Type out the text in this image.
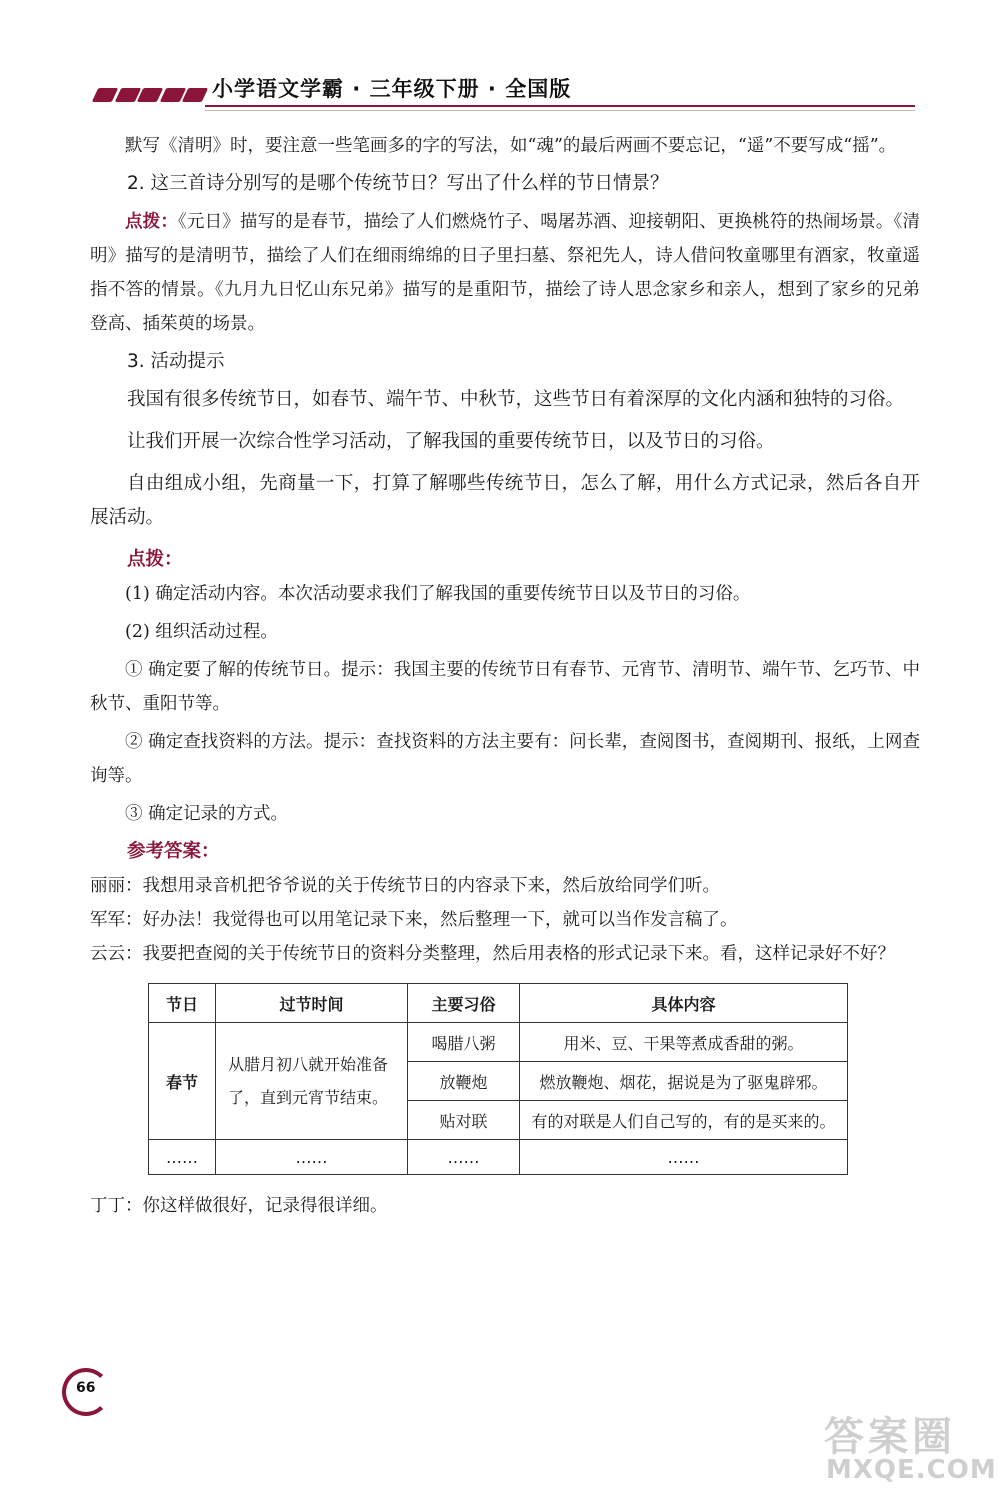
小学语文学霸 · 三年级下册 · 全国版

默写《清明》时，要注意一些笔画多的字的写法，如“魂”的最后两画不要忘记，“遥”不要写成“摇”。

2. 这三首诗分别写的是哪个传统节日？写出了什么样的节日情景？

点拨：《元日》描写的是春节，描绘了人们燃烧竹子、喝屠苏酒、迎接朝阳、更换桃符的热闹场景。《清明》描写的是清明节，描绘了人们在细雨绵绵的日子里扫墓、祭祀先人，诗人借问牧童哪里有酒家，牧童遥指不答的情景。《九月九日忆山东兄弟》描写的是重阳节，描绘了诗人思念家乡和亲人，想到了家乡的兄弟登高、插茱萸的场景。

3. 活动提示

我国有很多传统节日，如春节、端午节、中秋节，这些节日有着深厚的文化内涵和独特的习俗。

让我们开展一次综合性学习活动，了解我国的重要传统节日，以及节日的习俗。

自由组成小组，先商量一下，打算了解哪些传统节日，怎么了解，用什么方式记录，然后各自开展活动。

点拨：

(1) 确定活动内容。本次活动要求我们了解我国的重要传统节日以及节日的习俗。

(2) 组织活动过程。

① 确定要了解的传统节日。提示：我国主要的传统节日有春节、元宵节、清明节、端午节、乞巧节、中秋节、重阳节等。

② 确定查找资料的方法。提示：查找资料的方法主要有：问长辈，查阅图书，查阅期刊、报纸，上网查询等。

③ 确定记录的方式。

参考答案：

丽丽：我想用录音机把爷爷说的关于传统节日的内容录下来，然后放给同学们听。

军军：好办法！我觉得也可以用笔记录下来，然后整理一下，就可以当作发言稿了。

云云：我要把查阅的关于传统节日的资料分类整理，然后用表格的形式记录下来。看，这样记录好不好？

节日	过节时间	主要习俗	具体内容
春节	从腊月初八就开始准备了，直到元宵节结束。	喝腊八粥	用米、豆、干果等煮成香甜的粥。
		放鞭炮	燃放鞭炮、烟花，据说是为了驱鬼辟邪。
		贴对联	有的对联是人们自己写的，有的是买来的。
……	……	……	……

丁丁：你这样做很好，记录得很详细。

66
答案圈
MXQE.COM
